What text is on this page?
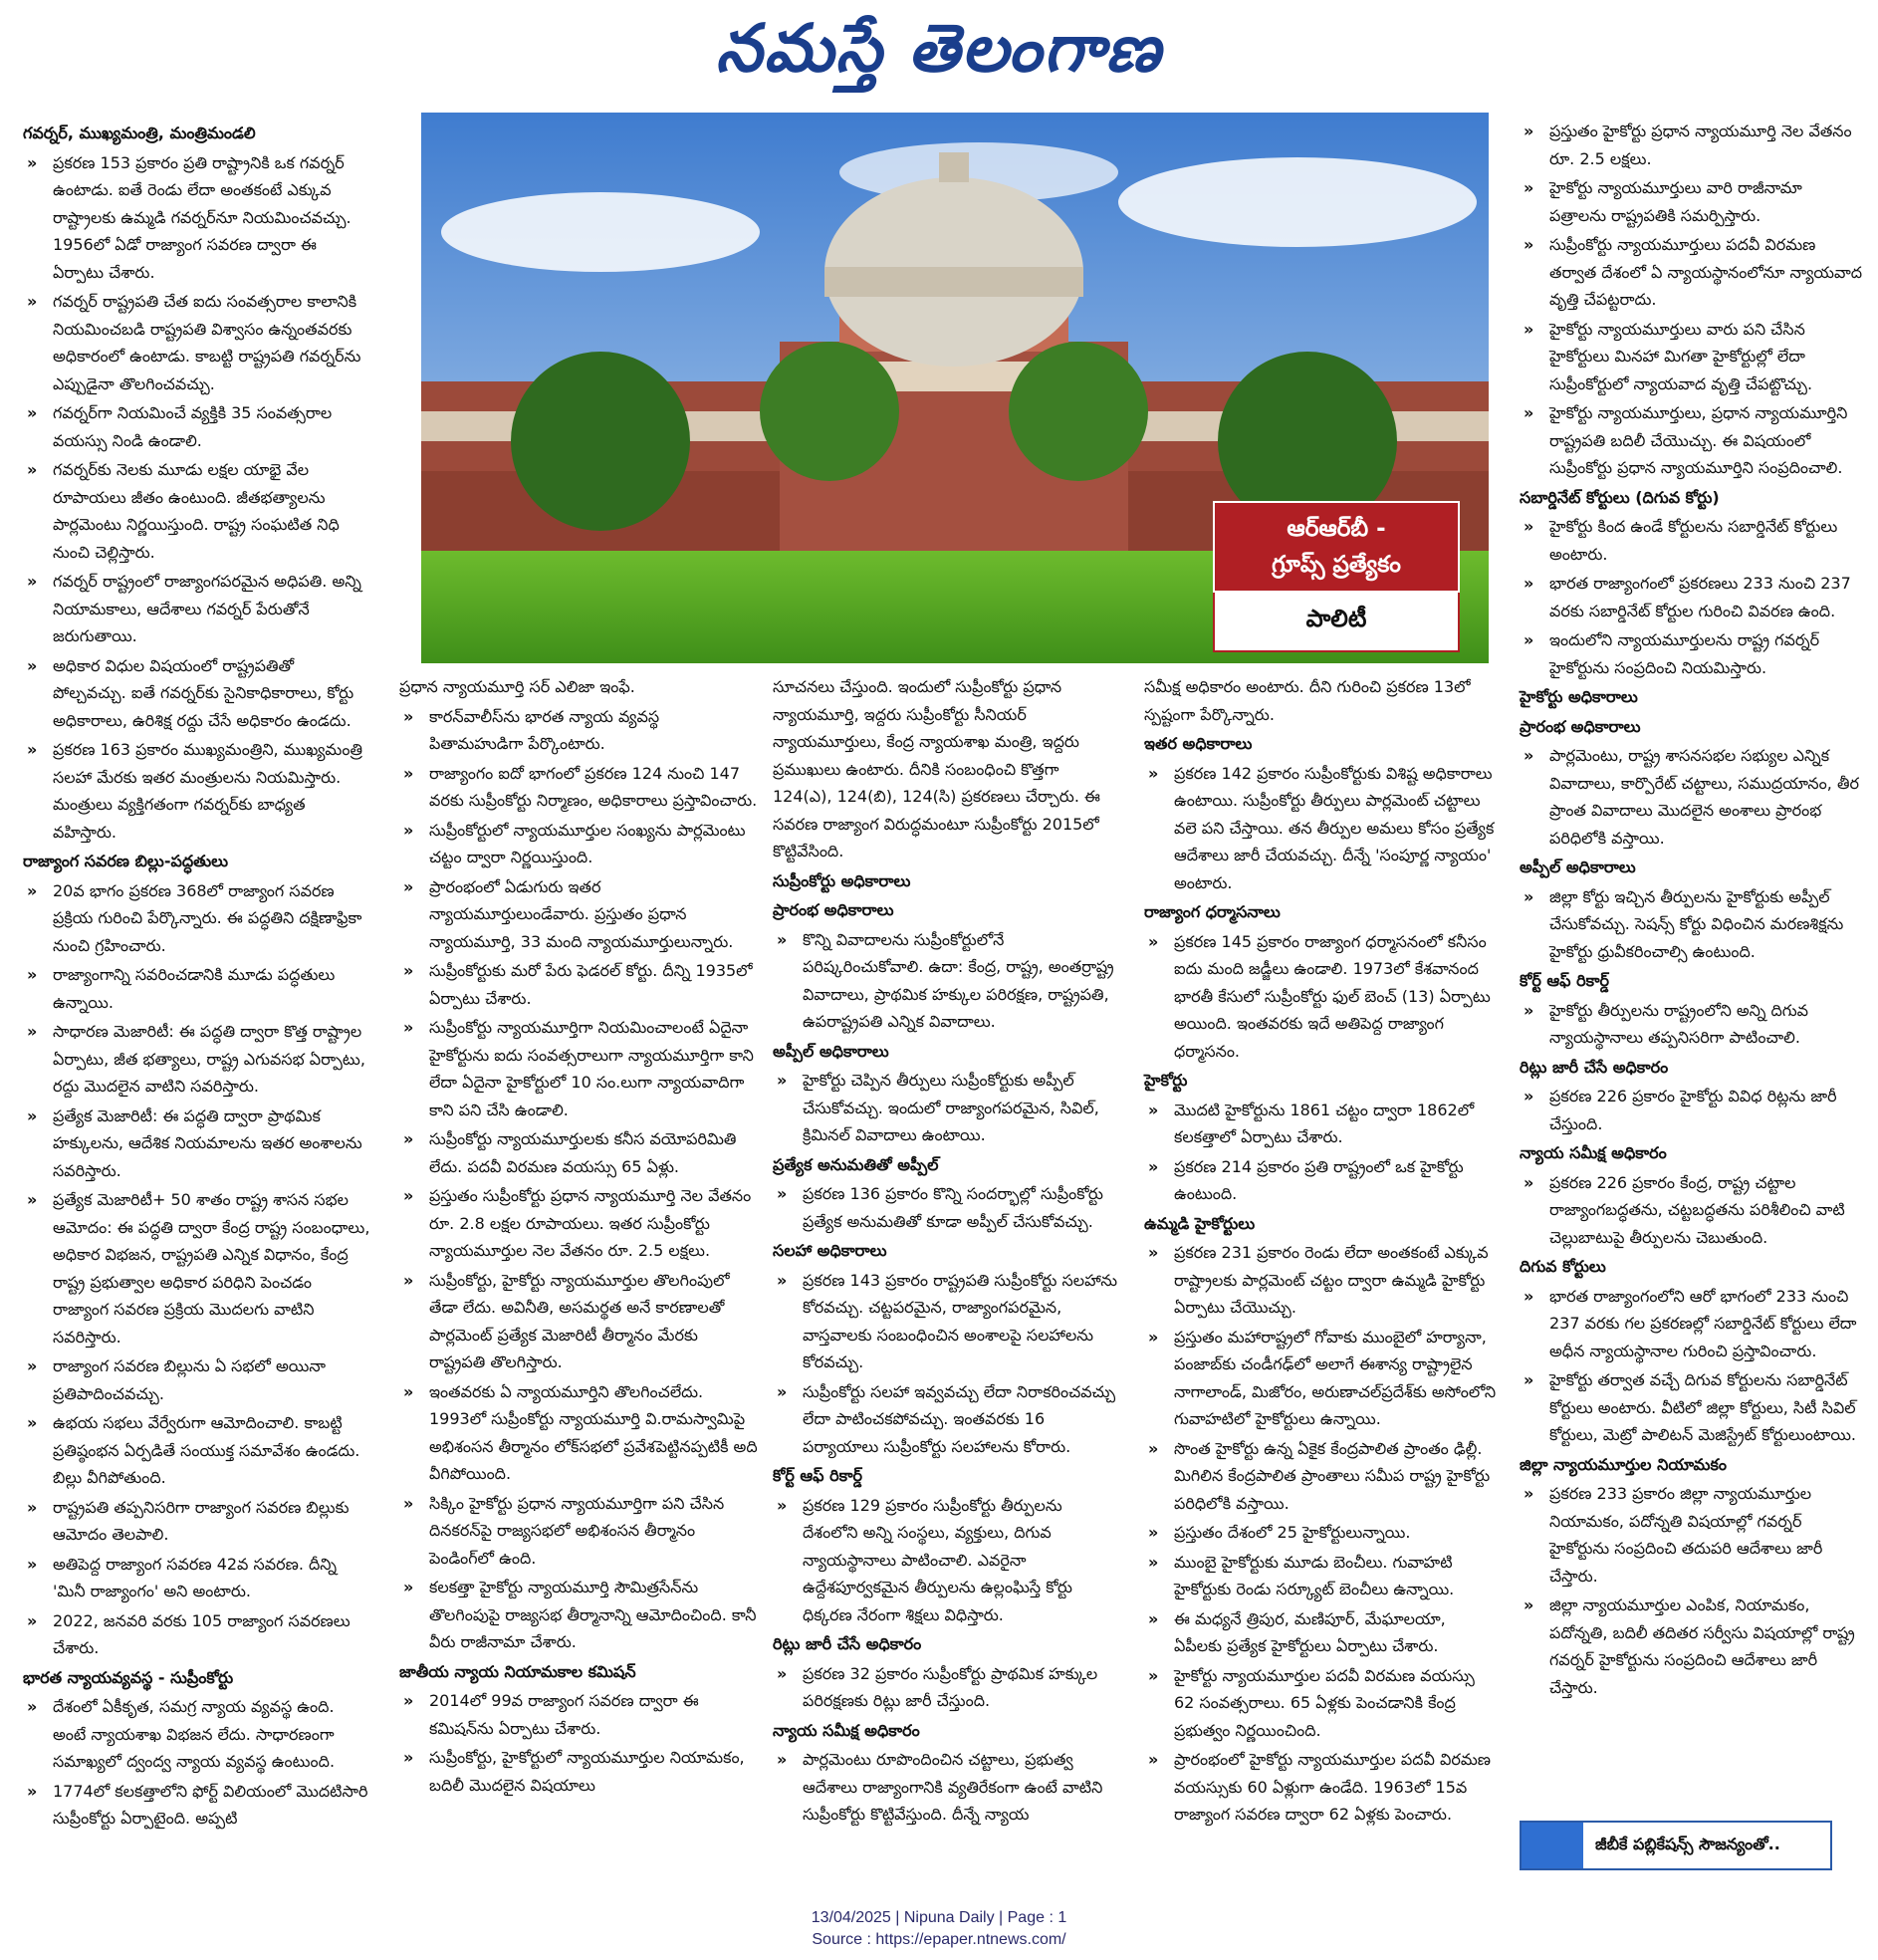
నమస్తే తెలంగాణ

గవర్నర్, ముఖ్యమంత్రి, మంత్రిమండలి

» ప్రకరణ 153 ప్రకారం ప్రతి రాష్ట్రానికి ఒక గవర్నర్ ఉంటాడు. ఐతే రెండు లేదా అంతకంటే ఎక్కువ రాష్ట్రాలకు ఉమ్మడి గవర్నర్‌నూ నియమించవచ్చు. 1956లో ఏడో రాజ్యాంగ సవరణ ద్వారా ఈ ఏర్పాటు చేశారు.

» గవర్నర్ రాష్ట్రపతి చేత ఐదు సంవత్సరాల కాలానికి నియమించబడి రాష్ట్రపతి విశ్వాసం ఉన్నంతవరకు అధికారంలో ఉంటాడు. కాబట్టి రాష్ట్రపతి గవర్నర్‌ను ఎప్పుడైనా తొలగించవచ్చు.

» గవర్నర్‌గా నియమించే వ్యక్తికి 35 సంవత్సరాల వయస్సు నిండి ఉండాలి.

» గవర్నర్‌కు నెలకు మూడు లక్షల యాభై వేల రూపాయలు జీతం ఉంటుంది. జీతభత్యాలను పార్లమెంటు నిర్ణయిస్తుంది. రాష్ట్ర సంఘటిత నిధి నుంచి చెల్లిస్తారు.

» గవర్నర్ రాష్ట్రంలో రాజ్యాంగపరమైన అధిపతి. అన్ని నియామకాలు, ఆదేశాలు గవర్నర్ పేరుతోనే జరుగుతాయి.

» అధికార విధుల విషయంలో రాష్ట్రపతితో పోల్చవచ్చు. ఐతే గవర్నర్‌కు సైనికాధికారాలు, కోర్టు అధికారాలు, ఉరిశిక్ష రద్దు చేసే అధికారం ఉండదు.

» ప్రకరణ 163 ప్రకారం ముఖ్యమంత్రిని, ముఖ్యమంత్రి సలహా మేరకు ఇతర మంత్రులను నియమిస్తారు. మంత్రులు వ్యక్తిగతంగా గవర్నర్‌కు బాధ్యత వహిస్తారు.

రాజ్యాంగ సవరణ బిల్లు-పద్ధతులు

» 20వ భాగం ప్రకరణ 368లో రాజ్యాంగ సవరణ ప్రక్రియ గురించి పేర్కొన్నారు. ఈ పద్ధతిని దక్షిణాఫ్రికా నుంచి గ్రహించారు.

» రాజ్యాంగాన్ని సవరించడానికి మూడు పద్ధతులు ఉన్నాయి.

» సాధారణ మెజారిటీ: ఈ పద్ధతి ద్వారా కొత్త రాష్ట్రాల ఏర్పాటు, జీత భత్యాలు, రాష్ట్ర ఎగువసభ ఏర్పాటు, రద్దు మొదలైన వాటిని సవరిస్తారు.

» ప్రత్యేక మెజారిటీ: ఈ పద్ధతి ద్వారా ప్రాథమిక హక్కులను, ఆదేశిక నియమాలను ఇతర అంశాలను సవరిస్తారు.

» ప్రత్యేక మెజారిటీ+ 50 శాతం రాష్ట్ర శాసన సభల ఆమోదం: ఈ పద్ధతి ద్వారా కేంద్ర రాష్ట్ర సంబంధాలు, అధికార విభజన, రాష్ట్రపతి ఎన్నిక విధానం, కేంద్ర రాష్ట్ర ప్రభుత్వాల అధికార పరిధిని పెంచడం రాజ్యాంగ సవరణ ప్రక్రియ మొదలగు వాటిని సవరిస్తారు.

» రాజ్యాంగ సవరణ బిల్లును ఏ సభలో అయినా ప్రతిపాదించవచ్చు.

» ఉభయ సభలు వేర్వేరుగా ఆమోదించాలి. కాబట్టి ప్రతిష్ఠంభన ఏర్పడితే సంయుక్త సమావేశం ఉండదు. బిల్లు వీగిపోతుంది.

» రాష్ట్రపతి తప్పనిసరిగా రాజ్యాంగ సవరణ బిల్లుకు ఆమోదం తెలపాలి.

» అతిపెద్ద రాజ్యాంగ సవరణ 42వ సవరణ. దీన్ని 'మినీ రాజ్యాంగం' అని అంటారు.

» 2022, జనవరి వరకు 105 రాజ్యాంగ సవరణలు చేశారు.

భారత న్యాయవ్యవస్థ - సుప్రీంకోర్టు

» దేశంలో ఏకీకృత, సమగ్ర న్యాయ వ్యవస్థ ఉంది. అంటే న్యాయశాఖ విభజన లేదు. సాధారణంగా సమాఖ్యలో ద్వంద్వ న్యాయ వ్యవస్థ ఉంటుంది.

» 1774లో కలకత్తాలోని ఫోర్ట్ విలియంలో మొదటిసారి సుప్రీంకోర్టు ఏర్పాటైంది. అప్పటి

ప్రధాన న్యాయమూర్తి సర్ ఎలిజా ఇంఫే.

» కారన్‌వాలీస్‌ను భారత న్యాయ వ్యవస్థ పితామహుడిగా పేర్కొంటారు.

» రాజ్యాంగం ఐదో భాగంలో ప్రకరణ 124 నుంచి 147 వరకు సుప్రీంకోర్టు నిర్మాణం, అధికారాలు ప్రస్తావించారు.

» సుప్రీంకోర్టులో న్యాయమూర్తుల సంఖ్యను పార్లమెంటు చట్టం ద్వారా నిర్ణయిస్తుంది.

» ప్రారంభంలో ఏడుగురు ఇతర న్యాయమూర్తులుండేవారు. ప్రస్తుతం ప్రధాన న్యాయమూర్తి, 33 మంది న్యాయమూర్తులున్నారు.

» సుప్రీంకోర్టుకు మరో పేరు ఫెడరల్ కోర్టు. దీన్ని 1935లో ఏర్పాటు చేశారు.

» సుప్రీంకోర్టు న్యాయమూర్తిగా నియమించాలంటే ఏదైనా హైకోర్టును ఐదు సంవత్సరాలుగా న్యాయమూర్తిగా కాని లేదా ఏదైనా హైకోర్టులో 10 సం.లుగా న్యాయవాదిగా కాని పని చేసి ఉండాలి.

» సుప్రీంకోర్టు న్యాయమూర్తులకు కనీస వయోపరిమితి లేదు. పదవీ విరమణ వయస్సు 65 ఏళ్లు.

» ప్రస్తుతం సుప్రీంకోర్టు ప్రధాన న్యాయమూర్తి నెల వేతనం రూ. 2.8 లక్షల రూపాయలు. ఇతర సుప్రీంకోర్టు న్యాయమూర్తుల నెల వేతనం రూ. 2.5 లక్షలు.

» సుప్రీంకోర్టు, హైకోర్టు న్యాయమూర్తుల తొలగింపులో తేడా లేదు. అవినీతి, అసమర్థత అనే కారణాలతో పార్లమెంట్ ప్రత్యేక మెజారిటీ తీర్మానం మేరకు రాష్ట్రపతి తొలగిస్తారు.

» ఇంతవరకు ఏ న్యాయమూర్తిని తొలగించలేదు. 1993లో సుప్రీంకోర్టు న్యాయమూర్తి వి.రామస్వామిపై అభిశంసన తీర్మానం లోక్‌సభలో ప్రవేశపెట్టినప్పటికీ అది వీగిపోయింది.

» సిక్కిం హైకోర్టు ప్రధాన న్యాయమూర్తిగా పని చేసిన దినకరన్‌పై రాజ్యసభలో అభిశంసన తీర్మానం పెండింగ్‌లో ఉంది.

» కలకత్తా హైకోర్టు న్యాయమూర్తి సౌమిత్రసేన్‌ను తొలగింపుపై రాజ్యసభ తీర్మానాన్ని ఆమోదించింది. కానీ వీరు రాజీనామా చేశారు.

జాతీయ న్యాయ నియామకాల కమిషన్

» 2014లో 99వ రాజ్యాంగ సవరణ ద్వారా ఈ కమిషన్‌ను ఏర్పాటు చేశారు.

» సుప్రీంకోర్టు, హైకోర్టులో న్యాయమూర్తుల నియామకం, బదిలీ మొదలైన విషయాలు

సూచనలు చేస్తుంది. ఇందులో సుప్రీంకోర్టు ప్రధాన న్యాయమూర్తి, ఇద్దరు సుప్రీంకోర్టు సీనియర్ న్యాయమూర్తులు, కేంద్ర న్యాయశాఖ మంత్రి, ఇద్దరు ప్రముఖులు ఉంటారు. దీనికి సంబంధించి కొత్తగా 124(ఎ), 124(బి), 124(సి) ప్రకరణలు చేర్చారు. ఈ సవరణ రాజ్యాంగ విరుద్ధమంటూ సుప్రీంకోర్టు 2015లో కొట్టివేసింది.

సుప్రీంకోర్టు అధికారాలు

ప్రారంభ అధికారాలు

» కొన్ని వివాదాలను సుప్రీంకోర్టులోనే పరిష్కరించుకోవాలి. ఉదా: కేంద్ర, రాష్ట్ర, అంతర్రాష్ట్ర వివాదాలు, ప్రాథమిక హక్కుల పరిరక్షణ, రాష్ట్రపతి, ఉపరాష్ట్రపతి ఎన్నిక వివాదాలు.

అప్పీల్ అధికారాలు

» హైకోర్టు చెప్పిన తీర్పులు సుప్రీంకోర్టుకు అప్పీల్ చేసుకోవచ్చు. ఇందులో రాజ్యాంగపరమైన, సివిల్, క్రిమినల్ వివాదాలు ఉంటాయి.

ప్రత్యేక అనుమతితో అప్పీల్

» ప్రకరణ 136 ప్రకారం కొన్ని సందర్భాల్లో సుప్రీంకోర్టు ప్రత్యేక అనుమతితో కూడా అప్పీల్ చేసుకోవచ్చు.

సలహా అధికారాలు

» ప్రకరణ 143 ప్రకారం రాష్ట్రపతి సుప్రీంకోర్టు సలహాను కోరవచ్చు. చట్టపరమైన, రాజ్యాంగపరమైన, వాస్తవాలకు సంబంధించిన అంశాలపై సలహాలను కోరవచ్చు.

» సుప్రీంకోర్టు సలహా ఇవ్వవచ్చు లేదా నిరాకరించవచ్చు లేదా పాటించకపోవచ్చు. ఇంతవరకు 16 పర్యాయాలు సుప్రీంకోర్టు సలహాలను కోరారు.

కోర్ట్ ఆఫ్ రికార్డ్

» ప్రకరణ 129 ప్రకారం సుప్రీంకోర్టు తీర్పులను దేశంలోని అన్ని సంస్థలు, వ్యక్తులు, దిగువ న్యాయస్థానాలు పాటించాలి. ఎవరైనా ఉద్దేశపూర్వకమైన తీర్పులను ఉల్లంఘిస్తే కోర్టు ధిక్కరణ నేరంగా శిక్షలు విధిస్తారు.

రిట్లు జారీ చేసే అధికారం

» ప్రకరణ 32 ప్రకారం సుప్రీంకోర్టు ప్రాథమిక హక్కుల పరిరక్షణకు రిట్లు జారీ చేస్తుంది.

న్యాయ సమీక్ష అధికారం

» పార్లమెంటు రూపొందించిన చట్టాలు, ప్రభుత్వ ఆదేశాలు రాజ్యాంగానికి వ్యతిరేకంగా ఉంటే వాటిని సుప్రీంకోర్టు కొట్టివేస్తుంది. దీన్నే న్యాయ

సమీక్ష అధికారం అంటారు. దీని గురించి ప్రకరణ 13లో స్పష్టంగా పేర్కొన్నారు.

ఇతర అధికారాలు

» ప్రకరణ 142 ప్రకారం సుప్రీంకోర్టుకు విశిష్ట అధికారాలు ఉంటాయి. సుప్రీంకోర్టు తీర్పులు పార్లమెంట్ చట్టాలు వలె పని చేస్తాయి. తన తీర్పుల అమలు కోసం ప్రత్యేక ఆదేశాలు జారీ చేయవచ్చు. దీన్నే 'సంపూర్ణ న్యాయం' అంటారు.

రాజ్యాంగ ధర్మాసనాలు

» ప్రకరణ 145 ప్రకారం రాజ్యాంగ ధర్మాసనంలో కనీసం ఐదు మంది జడ్జీలు ఉండాలి. 1973లో కేశవానంద భారతీ కేసులో సుప్రీంకోర్టు ఫుల్ బెంచ్ (13) ఏర్పాటు అయింది. ఇంతవరకు ఇదే అతిపెద్ద రాజ్యాంగ ధర్మాసనం.

హైకోర్టు

» మొదటి హైకోర్టును 1861 చట్టం ద్వారా 1862లో కలకత్తాలో ఏర్పాటు చేశారు.

» ప్రకరణ 214 ప్రకారం ప్రతి రాష్ట్రంలో ఒక హైకోర్టు ఉంటుంది.

ఉమ్మడి హైకోర్టులు

» ప్రకరణ 231 ప్రకారం రెండు లేదా అంతకంటే ఎక్కువ రాష్ట్రాలకు పార్లమెంట్ చట్టం ద్వారా ఉమ్మడి హైకోర్టు ఏర్పాటు చేయొచ్చు.

» ప్రస్తుతం మహారాష్ట్రలో గోవాకు ముంబైలో హర్యానా, పంజాబ్‌కు చండీగఢ్‌లో అలాగే ఈశాన్య రాష్ట్రాలైన నాగాలాండ్, మిజోరం, అరుణాచల్‌ప్రదేశ్‌కు అసోంలోని గువాహటిలో హైకోర్టులు ఉన్నాయి.

» సొంత హైకోర్టు ఉన్న ఏకైక కేంద్రపాలిత ప్రాంతం ఢిల్లీ. మిగిలిన కేంద్రపాలిత ప్రాంతాలు సమీప రాష్ట్ర హైకోర్టు పరిధిలోకి వస్తాయి.

» ప్రస్తుతం దేశంలో 25 హైకోర్టులున్నాయి.

» ముంబై హైకోర్టుకు మూడు బెంచీలు. గువాహటి హైకోర్టుకు రెండు సర్క్యూట్ బెంచీలు ఉన్నాయి.

» ఈ మధ్యనే త్రిపుర, మణిపూర్, మేఘాలయా, ఏపీలకు ప్రత్యేక హైకోర్టులు ఏర్పాటు చేశారు.

» హైకోర్టు న్యాయమూర్తుల పదవీ విరమణ వయస్సు 62 సంవత్సరాలు. 65 ఏళ్లకు పెంచడానికి కేంద్ర ప్రభుత్వం నిర్ణయించింది.

» ప్రారంభంలో హైకోర్టు న్యాయమూర్తుల పదవీ విరమణ వయస్సుకు 60 ఏళ్లుగా ఉండేది. 1963లో 15వ రాజ్యాంగ సవరణ ద్వారా 62 ఏళ్లకు పెంచారు.

» ప్రస్తుతం హైకోర్టు ప్రధాన న్యాయమూర్తి నెల వేతనం రూ. 2.5 లక్షలు.

» హైకోర్టు న్యాయమూర్తులు వారి రాజీనామా పత్రాలను రాష్ట్రపతికి సమర్పిస్తారు.

» సుప్రీంకోర్టు న్యాయమూర్తులు పదవీ విరమణ తర్వాత దేశంలో ఏ న్యాయస్థానంలోనూ న్యాయవాద వృత్తి చేపట్టరాదు.

» హైకోర్టు న్యాయమూర్తులు వారు పని చేసిన హైకోర్టులు మినహా మిగతా హైకోర్టుల్లో లేదా సుప్రీంకోర్టులో న్యాయవాద వృత్తి చేపట్టొచ్చు.

» హైకోర్టు న్యాయమూర్తులు, ప్రధాన న్యాయమూర్తిని రాష్ట్రపతి బదిలీ చేయొచ్చు. ఈ విషయంలో సుప్రీంకోర్టు ప్రధాన న్యాయమూర్తిని సంప్రదించాలి.

సబార్డినేట్ కోర్టులు (దిగువ కోర్టు)

» హైకోర్టు కింద ఉండే కోర్టులను సబార్డినేట్ కోర్టులు అంటారు.

» భారత రాజ్యాంగంలో ప్రకరణలు 233 నుంచి 237 వరకు సబార్డినేట్ కోర్టుల గురించి వివరణ ఉంది.

» ఇందులోని న్యాయమూర్తులను రాష్ట్ర గవర్నర్ హైకోర్టును సంప్రదించి నియమిస్తారు.

హైకోర్టు అధికారాలు

ప్రారంభ అధికారాలు

» పార్లమెంటు, రాష్ట్ర శాసనసభల సభ్యుల ఎన్నిక వివాదాలు, కార్పొరేట్ చట్టాలు, సముద్రయానం, తీర ప్రాంత వివాదాలు మొదలైన అంశాలు ప్రారంభ పరిధిలోకి వస్తాయి.

అప్పీల్ అధికారాలు

» జిల్లా కోర్టు ఇచ్చిన తీర్పులను హైకోర్టుకు అప్పీల్ చేసుకోవచ్చు. సెషన్స్ కోర్టు విధించిన మరణశిక్షను హైకోర్టు ధ్రువీకరించాల్సి ఉంటుంది.

కోర్ట్ ఆఫ్ రికార్డ్

» హైకోర్టు తీర్పులను రాష్ట్రంలోని అన్ని దిగువ న్యాయస్థానాలు తప్పనిసరిగా పాటించాలి.

రిట్లు జారీ చేసే అధికారం

» ప్రకరణ 226 ప్రకారం హైకోర్టు వివిధ రిట్లను జారీ చేస్తుంది.

న్యాయ సమీక్ష అధికారం

» ప్రకరణ 226 ప్రకారం కేంద్ర, రాష్ట్ర చట్టాల రాజ్యాంగబద్ధతను, చట్టబద్ధతను పరిశీలించి వాటి చెల్లుబాటుపై తీర్పులను చెబుతుంది.

దిగువ కోర్టులు

» భారత రాజ్యాంగంలోని ఆరో భాగంలో 233 నుంచి 237 వరకు గల ప్రకరణల్లో సబార్డినేట్ కోర్టులు లేదా అధీన న్యాయస్థానాల గురించి ప్రస్తావించారు.

» హైకోర్టు తర్వాత వచ్చే దిగువ కోర్టులను సబార్డినేట్ కోర్టులు అంటారు. వీటిలో జిల్లా కోర్టులు, సిటీ సివిల్ కోర్టులు, మెట్రో పాలిటన్ మెజిస్ట్రేట్ కోర్టులుంటాయి.

జిల్లా న్యాయమూర్తుల నియామకం

» ప్రకరణ 233 ప్రకారం జిల్లా న్యాయమూర్తుల నియామకం, పదోన్నతి విషయాల్లో గవర్నర్ హైకోర్టును సంప్రదించి తదుపరి ఆదేశాలు జారీ చేస్తారు.

» జిల్లా న్యాయమూర్తుల ఎంపిక, నియామకం, పదోన్నతి, బదిలీ తదితర సర్వీసు విషయాల్లో రాష్ట్ర గవర్నర్ హైకోర్టును సంప్రదించి ఆదేశాలు జారీ చేస్తారు.

ఆర్‌ఆర్‌బీ -
గ్రూప్స్ ప్రత్యేకం
పాలిటీ
జీబీకే పబ్లికేషన్స్ సౌజన్యంతో..
13/04/2025 | Nipuna Daily | Page : 1
Source : https://epaper.ntnews.com/
